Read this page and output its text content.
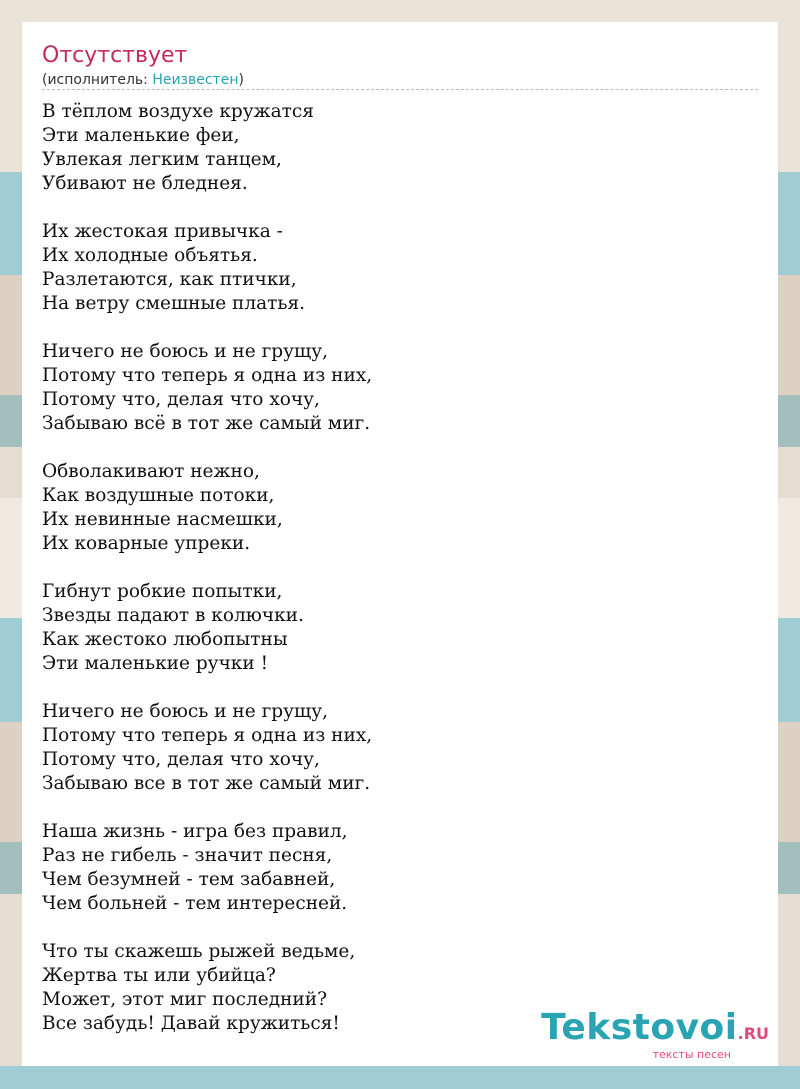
Отсутствует
(исполнитель: Неизвестен)
В тёплом воздухе кружатся
Эти маленькие феи,
Увлекая легким танцем,
Убивают не бледнея.
Их жестокая привычка -
Их холодные объятья.
Разлетаются, как птички,
На ветру смешные платья.
Ничего не боюсь и не грущу,
Потому что теперь я одна из них,
Потому что, делая что хочу,
Забываю всё в тот же самый миг.
Обволакивают нежно,
Как воздушные потоки,
Их невинные насмешки,
Их коварные упреки.
Гибнут робкие попытки,
Звезды падают в колючки.
Как жестоко любопытны
Эти маленькие ручки !
Ничего не боюсь и не грущу,
Потому что теперь я одна из них,
Потому что, делая что хочу,
Забываю все в тот же самый миг.
Наша жизнь - игра без правил,
Раз не гибель - значит песня,
Чем безумней - тем забавней,
Чем больней - тем интересней.
Что ты скажешь рыжей ведьме,
Жертва ты или убийца?
Может, этот миг последний?
Все забудь! Давай кружиться!	Tekstovoi.RU
тексты песен
